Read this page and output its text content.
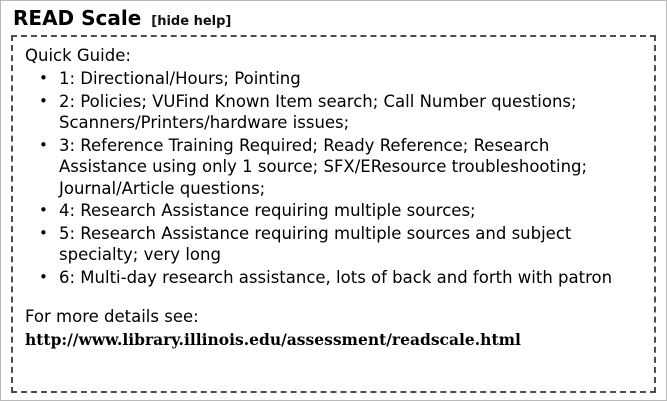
READ Scale [hide help]
Quick Guide:
• 1: Directional/Hours; Pointing
• 2: Policies; VUFind Known Item search; Call Number questions; Scanners/Printers/hardware issues;
• 3: Reference Training Required; Ready Reference; Research Assistance using only 1 source; SFX/EResource troubleshooting; Journal/Article questions;
• 4: Research Assistance requiring multiple sources;
• 5: Research Assistance requiring multiple sources and subject specialty; very long
• 6: Multi-day research assistance, lots of back and forth with patron
For more details see:
http://www.library.illinois.edu/assessment/readscale.html
